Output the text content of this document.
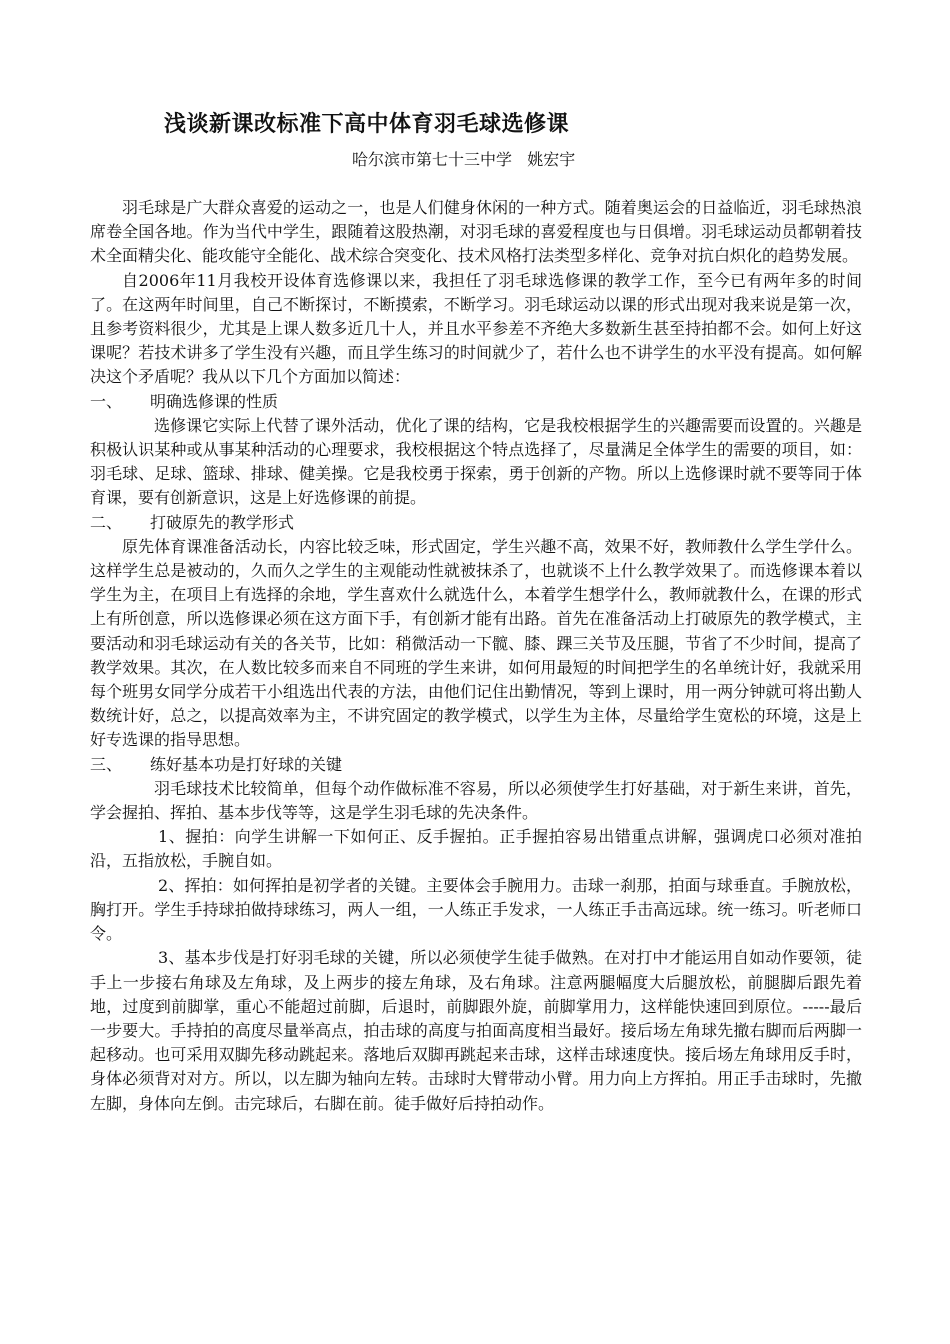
浅谈新课改标准下高中体育羽毛球选修课
哈尔滨市第七十三中学   姚宏宇

羽毛球是广大群众喜爱的运动之一，也是人们健身休闲的一种方式。随着奥运会的日益临近，羽毛球热浪席卷全国各地。作为当代中学生，跟随着这股热潮，对羽毛球的喜爱程度也与日俱增。羽毛球运动员都朝着技术全面精尖化、能攻能守全能化、战术综合突变化、技术风格打法类型多样化、竞争对抗白炽化的趋势发展。

自2006年11月我校开设体育选修课以来，我担任了羽毛球选修课的教学工作，至今已有两年多的时间了。在这两年时间里，自己不断探讨，不断摸索，不断学习。羽毛球运动以课的形式出现对我来说是第一次，且参考资料很少，尤其是上课人数多近几十人，并且水平参差不齐绝大多数新生甚至持拍都不会。如何上好这课呢？若技术讲多了学生没有兴趣，而且学生练习的时间就少了，若什么也不讲学生的水平没有提高。如何解决这个矛盾呢？我从以下几个方面加以简述：

一、	明确选修课的性质

选修课它实际上代替了课外活动，优化了课的结构，它是我校根据学生的兴趣需要而设置的。兴趣是积极认识某种或从事某种活动的心理要求，我校根据这个特点选择了，尽量满足全体学生的需要的项目，如：羽毛球、足球、篮球、排球、健美操。它是我校勇于探索，勇于创新的产物。所以上选修课时就不要等同于体育课，要有创新意识，这是上好选修课的前提。

二、	打破原先的教学形式

原先体育课准备活动长，内容比较乏味，形式固定，学生兴趣不高，效果不好，教师教什么学生学什么。这样学生总是被动的，久而久之学生的主观能动性就被抹杀了，也就谈不上什么教学效果了。而选修课本着以学生为主，在项目上有选择的余地，学生喜欢什么就选什么，本着学生想学什么，教师就教什么，在课的形式上有所创意，所以选修课必须在这方面下手，有创新才能有出路。首先在准备活动上打破原先的教学模式，主要活动和羽毛球运动有关的各关节，比如：稍微活动一下髋、膝、踝三关节及压腿，节省了不少时间，提高了教学效果。其次，在人数比较多而来自不同班的学生来讲，如何用最短的时间把学生的名单统计好，我就采用每个班男女同学分成若干小组选出代表的方法，由他们记住出勤情况，等到上课时，用一两分钟就可将出勤人数统计好，总之，以提高效率为主，不讲究固定的教学模式，以学生为主体，尽量给学生宽松的环境，这是上好专选课的指导思想。

三、	练好基本功是打好球的关键

羽毛球技术比较简单，但每个动作做标准不容易，所以必须使学生打好基础，对于新生来讲，首先，学会握拍、挥拍、基本步伐等等，这是学生羽毛球的先决条件。

1、握拍：向学生讲解一下如何正、反手握拍。正手握拍容易出错重点讲解，强调虎口必须对准拍沿，五指放松，手腕自如。

2、挥拍：如何挥拍是初学者的关键。主要体会手腕用力。击球一刹那，拍面与球垂直。手腕放松，胸打开。学生手持球拍做持球练习，两人一组，一人练正手发求，一人练正手击高远球。统一练习。听老师口令。

3、基本步伐是打好羽毛球的关键，所以必须使学生徒手做熟。在对打中才能运用自如动作要领，徒手上一步接右角球及左角球，及上两步的接左角球，及右角球。注意两腿幅度大后腿放松，前腿脚后跟先着地，过度到前脚掌，重心不能超过前脚，后退时，前脚跟外旋，前脚掌用力，这样能快速回到原位。-----最后一步要大。手持拍的高度尽量举高点，拍击球的高度与拍面高度相当最好。接后场左角球先撤右脚而后两脚一起移动。也可采用双脚先移动跳起来。落地后双脚再跳起来击球，这样击球速度快。接后场左角球用反手时，身体必须背对对方。所以，以左脚为轴向左转。击球时大臂带动小臂。用力向上方挥拍。用正手击球时，先撤左脚，身体向左倒。击完球后，右脚在前。徒手做好后持拍动作。
